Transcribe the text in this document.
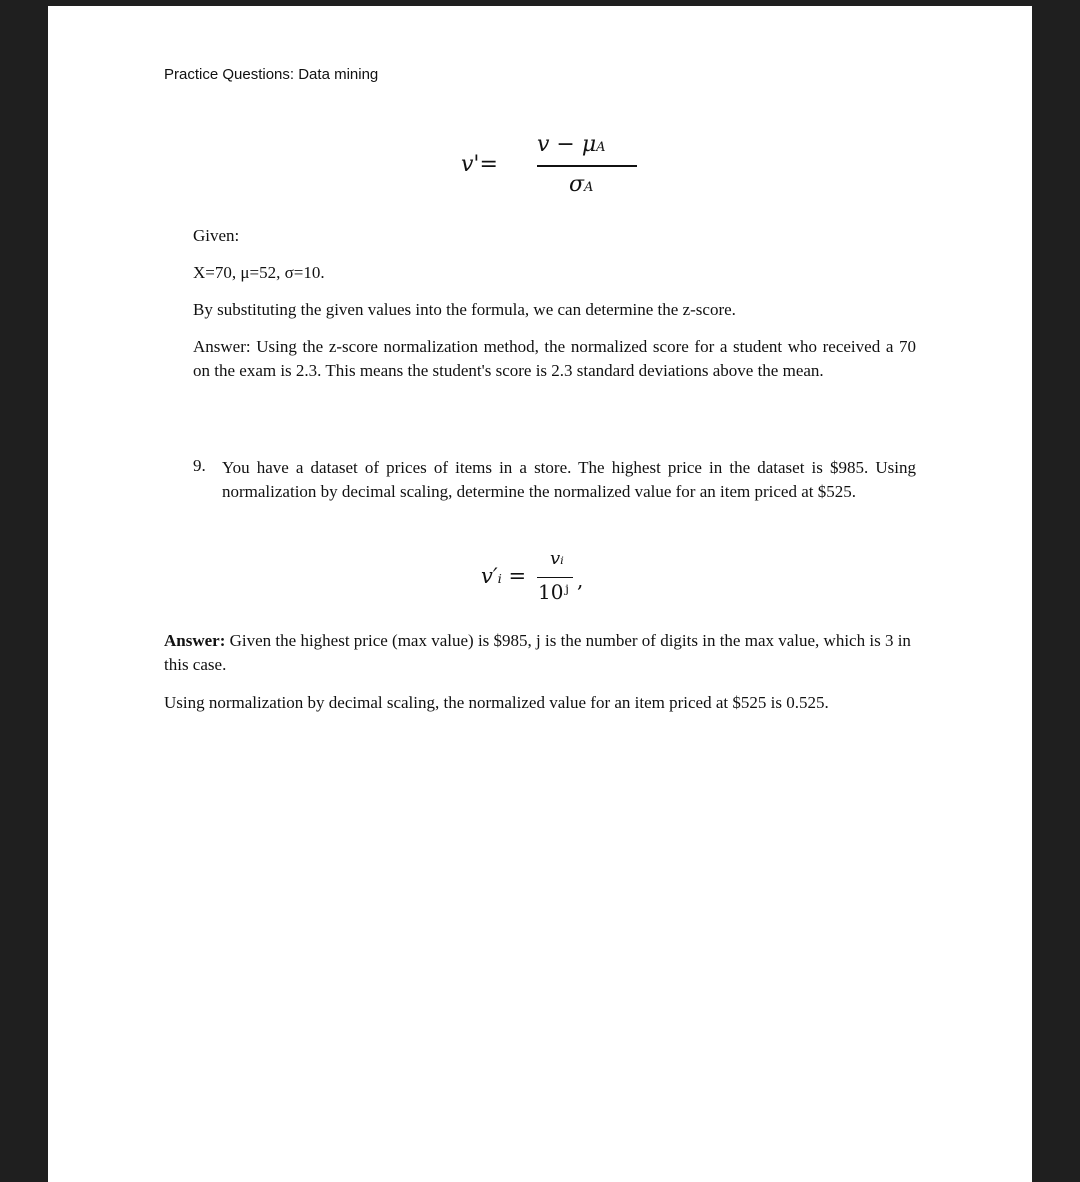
Practice Questions: Data mining
v'=
v − μA
σA
Given:
X=70, μ=52, σ=10.
By substituting the given values into the formula, we can determine the z-score.
Answer: Using the z-score normalization method, the normalized score for a student who received a 70 on the exam is 2.3. This means the student's score is 2.3 standard deviations above the mean.
9. You have a dataset of prices of items in a store. The highest price in the dataset is $985. Using normalization by decimal scaling, determine the normalized value for an item priced at $525.
v′ᵢ =
vᵢ
10ʲ ,
Answer: Given the highest price (max value) is $985, j is the number of digits in the max value, which is 3 in this case.
Using normalization by decimal scaling, the normalized value for an item priced at $525 is 0.525.
